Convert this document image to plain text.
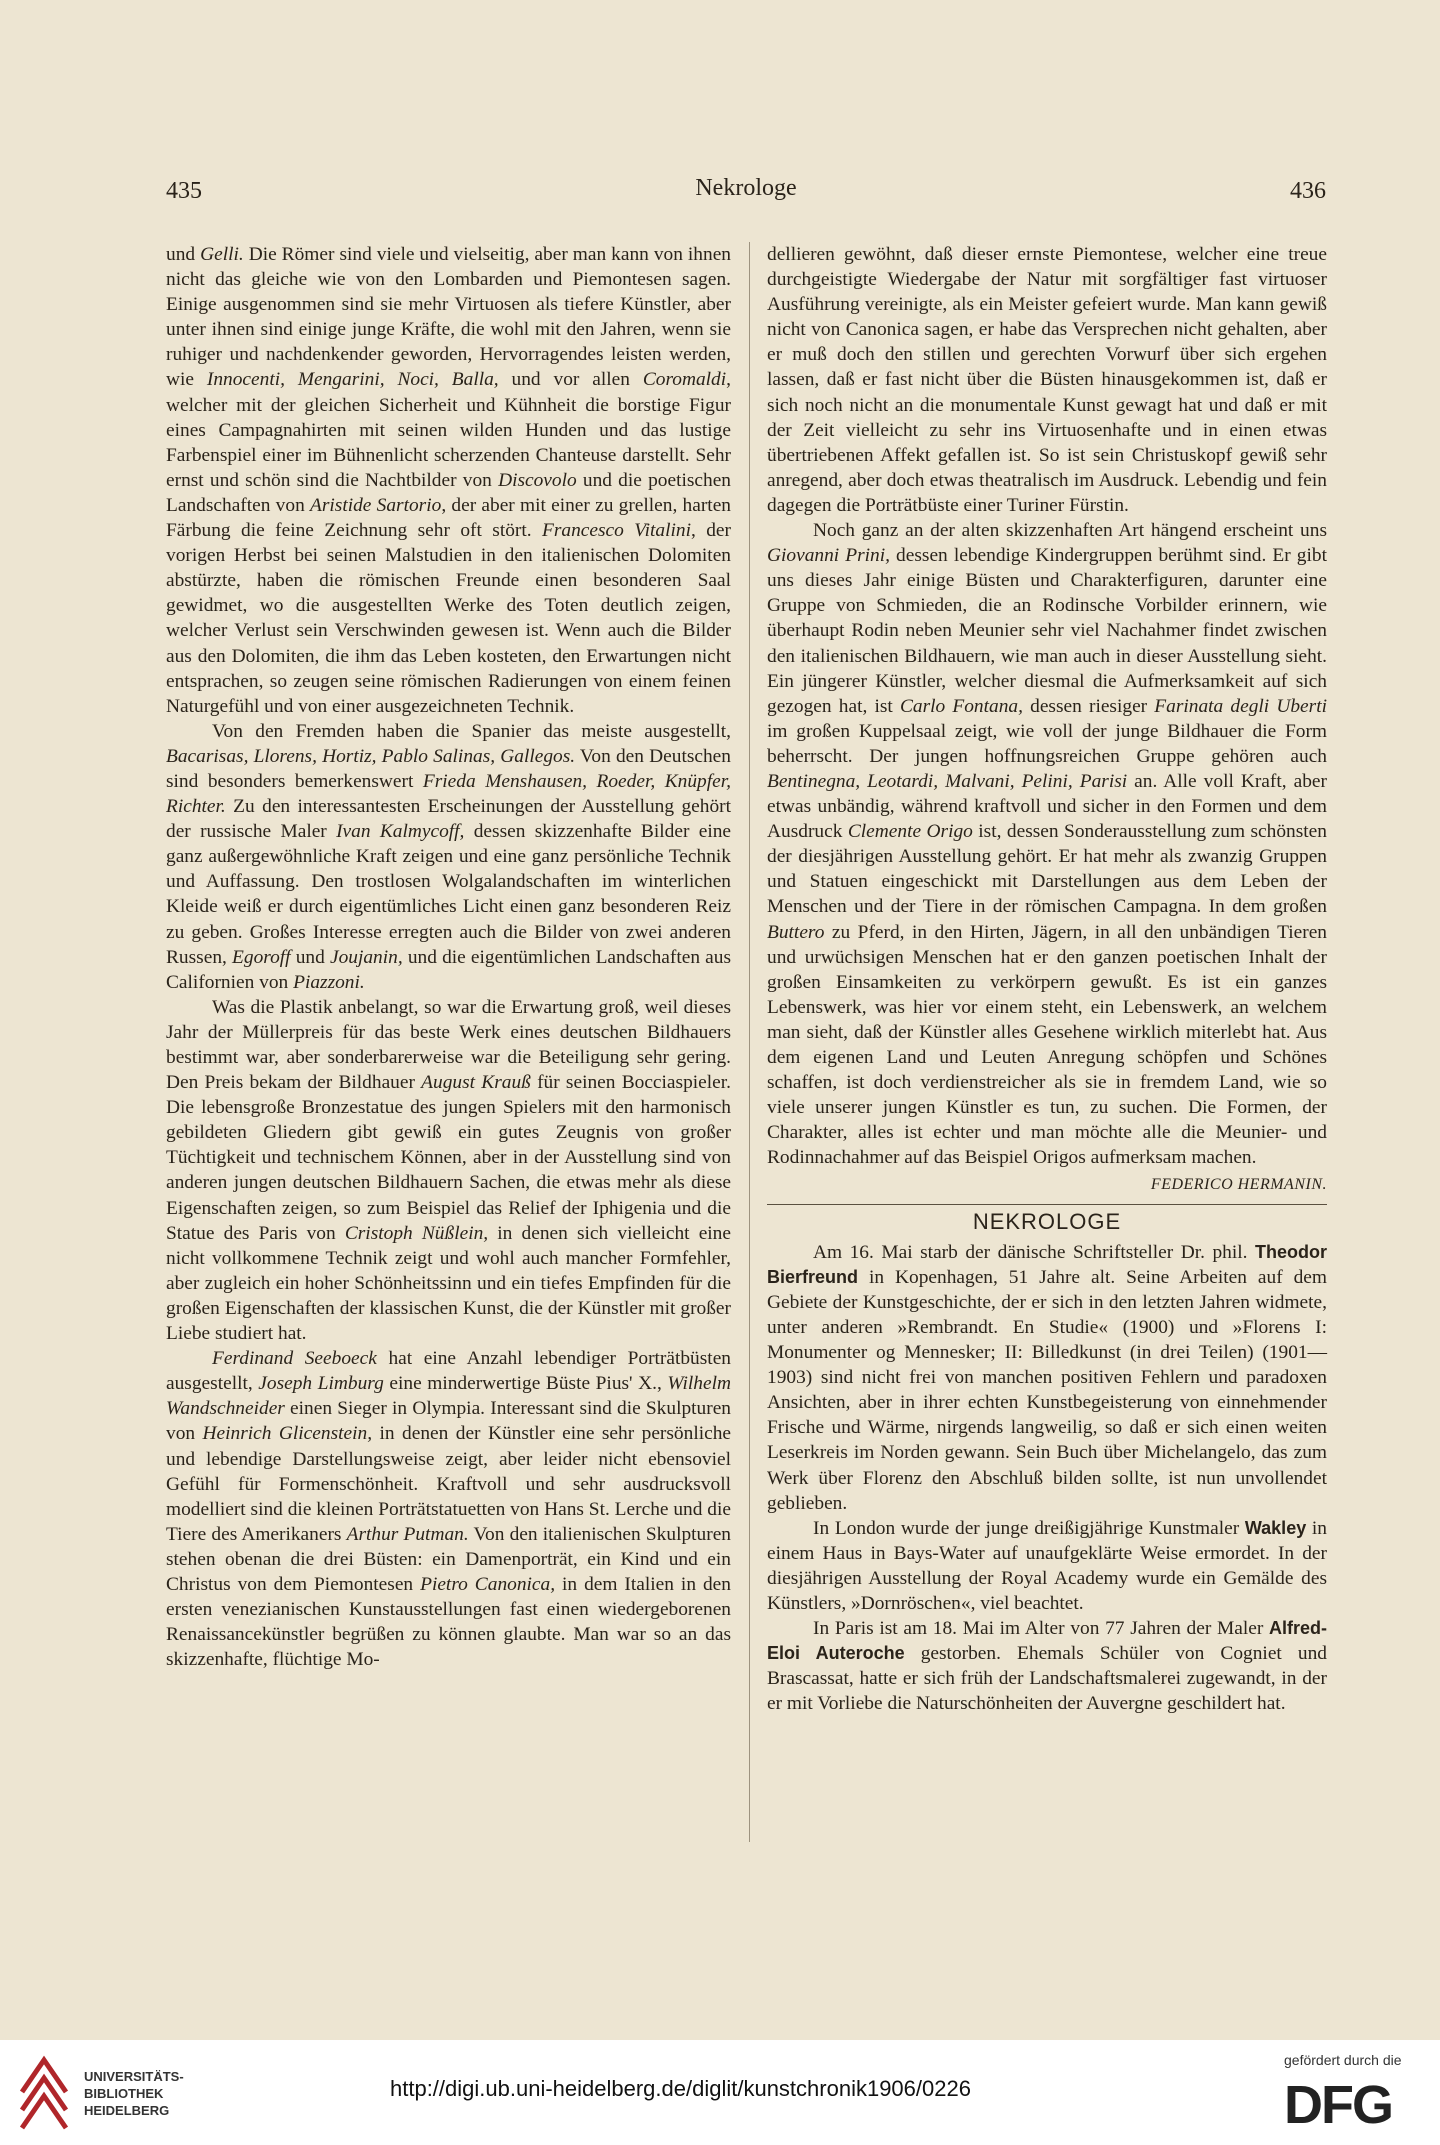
435	Nekrologe	436

und Gelli. Die Römer sind viele und vielseitig, aber man kann von ihnen nicht das gleiche wie von den Lombarden und Piemontesen sagen. Einige ausgenommen sind sie mehr Virtuosen als tiefere Künstler, aber unter ihnen sind einige junge Kräfte, die wohl mit den Jahren, wenn sie ruhiger und nachdenkender geworden, Hervorragendes leisten werden, wie Innocenti, Mengarini, Noci, Balla, und vor allen Coromaldi, welcher mit der gleichen Sicherheit und Kühnheit die borstige Figur eines Campagnahirten mit seinen wilden Hunden und das lustige Farbenspiel einer im Bühnenlicht scherzenden Chanteuse darstellt. Sehr ernst und schön sind die Nachtbilder von Discovolo und die poetischen Landschaften von Aristide Sartorio, der aber mit einer zu grellen, harten Färbung die feine Zeichnung sehr oft stört. Francesco Vitalini, der vorigen Herbst bei seinen Malstudien in den italienischen Dolomiten abstürzte, haben die römischen Freunde einen besonderen Saal gewidmet, wo die ausgestellten Werke des Toten deutlich zeigen, welcher Verlust sein Verschwinden gewesen ist. Wenn auch die Bilder aus den Dolomiten, die ihm das Leben kosteten, den Erwartungen nicht entsprachen, so zeugen seine römischen Radierungen von einem feinen Naturgefühl und von einer ausgezeichneten Technik.

Von den Fremden haben die Spanier das meiste ausgestellt, Bacarisas, Llorens, Hortiz, Pablo Salinas, Gallegos. Von den Deutschen sind besonders bemerkenswert Frieda Menshausen, Roeder, Knüpfer, Richter. Zu den interessantesten Erscheinungen der Ausstellung gehört der russische Maler Ivan Kalmycoff, dessen skizzenhafte Bilder eine ganz außergewöhnliche Kraft zeigen und eine ganz persönliche Technik und Auffassung. Den trostlosen Wolgalandschaften im winterlichen Kleide weiß er durch eigentümliches Licht einen ganz besonderen Reiz zu geben. Großes Interesse erregten auch die Bilder von zwei anderen Russen, Egoroff und Joujanin, und die eigentümlichen Landschaften aus Californien von Piazzoni.

Was die Plastik anbelangt, so war die Erwartung groß, weil dieses Jahr der Müllerpreis für das beste Werk eines deutschen Bildhauers bestimmt war, aber sonderbarerweise war die Beteiligung sehr gering. Den Preis bekam der Bildhauer August Krauß für seinen Bocciaspieler. Die lebensgroße Bronzestatue des jungen Spielers mit den harmonisch gebildeten Gliedern gibt gewiß ein gutes Zeugnis von großer Tüchtigkeit und technischem Können, aber in der Ausstellung sind von anderen jungen deutschen Bildhauern Sachen, die etwas mehr als diese Eigenschaften zeigen, so zum Beispiel das Relief der Iphigenia und die Statue des Paris von Cristoph Nüßlein, in denen sich vielleicht eine nicht vollkommene Technik zeigt und wohl auch mancher Formfehler, aber zugleich ein hoher Schönheitssinn und ein tiefes Empfinden für die großen Eigenschaften der klassischen Kunst, die der Künstler mit großer Liebe studiert hat.

Ferdinand Seeboeck hat eine Anzahl lebendiger Porträtbüsten ausgestellt, Joseph Limburg eine minderwertige Büste Pius' X., Wilhelm Wandschneider einen Sieger in Olympia. Interessant sind die Skulpturen von Heinrich Glicenstein, in denen der Künstler eine sehr persönliche und lebendige Darstellungsweise zeigt, aber leider nicht ebensoviel Gefühl für Formenschönheit. Kraftvoll und sehr ausdrucksvoll modelliert sind die kleinen Porträtstatuetten von Hans St. Lerche und die Tiere des Amerikaners Arthur Putman. Von den italienischen Skulpturen stehen obenan die drei Büsten: ein Damenporträt, ein Kind und ein Christus von dem Piemontesen Pietro Canonica, in dem Italien in den ersten venezianischen Kunstausstellungen fast einen wiedergeborenen Renaissancekünstler begrüßen zu können glaubte. Man war so an das skizzenhafte, flüchtige Mo-

dellieren gewöhnt, daß dieser ernste Piemontese, welcher eine treue durchgeistigte Wiedergabe der Natur mit sorgfältiger fast virtuoser Ausführung vereinigte, als ein Meister gefeiert wurde. Man kann gewiß nicht von Canonica sagen, er habe das Versprechen nicht gehalten, aber er muß doch den stillen und gerechten Vorwurf über sich ergehen lassen, daß er fast nicht über die Büsten hinausgekommen ist, daß er sich noch nicht an die monumentale Kunst gewagt hat und daß er mit der Zeit vielleicht zu sehr ins Virtuosenhafte und in einen etwas übertriebenen Affekt gefallen ist. So ist sein Christuskopf gewiß sehr anregend, aber doch etwas theatralisch im Ausdruck. Lebendig und fein dagegen die Porträtbüste einer Turiner Fürstin.

Noch ganz an der alten skizzenhaften Art hängend erscheint uns Giovanni Prini, dessen lebendige Kindergruppen berühmt sind. Er gibt uns dieses Jahr einige Büsten und Charakterfiguren, darunter eine Gruppe von Schmieden, die an Rodinsche Vorbilder erinnern, wie überhaupt Rodin neben Meunier sehr viel Nachahmer findet zwischen den italienischen Bildhauern, wie man auch in dieser Ausstellung sieht. Ein jüngerer Künstler, welcher diesmal die Aufmerksamkeit auf sich gezogen hat, ist Carlo Fontana, dessen riesiger Farinata degli Uberti im großen Kuppelsaal zeigt, wie voll der junge Bildhauer die Form beherrscht. Der jungen hoffnungsreichen Gruppe gehören auch Bentinegna, Leotardi, Malvani, Pelini, Parisi an. Alle voll Kraft, aber etwas unbändig, während kraftvoll und sicher in den Formen und dem Ausdruck Clemente Origo ist, dessen Sonderausstellung zum schönsten der diesjährigen Ausstellung gehört. Er hat mehr als zwanzig Gruppen und Statuen eingeschickt mit Darstellungen aus dem Leben der Menschen und der Tiere in der römischen Campagna. In dem großen Buttero zu Pferd, in den Hirten, Jägern, in all den unbändigen Tieren und urwüchsigen Menschen hat er den ganzen poetischen Inhalt der großen Einsamkeiten zu verkörpern gewußt. Es ist ein ganzes Lebenswerk, was hier vor einem steht, ein Lebenswerk, an welchem man sieht, daß der Künstler alles Gesehene wirklich miterlebt hat. Aus dem eigenen Land und Leuten Anregung schöpfen und Schönes schaffen, ist doch verdienstreicher als sie in fremdem Land, wie so viele unserer jungen Künstler es tun, zu suchen. Die Formen, der Charakter, alles ist echter und man möchte alle die Meunier- und Rodinnachahmer auf das Beispiel Origos aufmerksam machen.

FEDERICO HERMANIN.
NEKROLOGE

Am 16. Mai starb der dänische Schriftsteller Dr. phil. Theodor Bierfreund in Kopenhagen, 51 Jahre alt. Seine Arbeiten auf dem Gebiete der Kunstgeschichte, der er sich in den letzten Jahren widmete, unter anderen »Rembrandt. En Studie« (1900) und »Florens I: Monumenter og Mennesker; II: Billedkunst (in drei Teilen) (1901—1903) sind nicht frei von manchen positiven Fehlern und paradoxen Ansichten, aber in ihrer echten Kunstbegeisterung von einnehmender Frische und Wärme, nirgends langweilig, so daß er sich einen weiten Leserkreis im Norden gewann. Sein Buch über Michelangelo, das zum Werk über Florenz den Abschluß bilden sollte, ist nun unvollendet geblieben.

In London wurde der junge dreißigjährige Kunstmaler Wakley in einem Haus in Bays-Water auf unaufgeklärte Weise ermordet. In der diesjährigen Ausstellung der Royal Academy wurde ein Gemälde des Künstlers, »Dornröschen«, viel beachtet.

In Paris ist am 18. Mai im Alter von 77 Jahren der Maler Alfred-Eloi Auteroche gestorben. Ehemals Schüler von Cogniet und Brascassat, hatte er sich früh der Landschaftsmalerei zugewandt, in der er mit Vorliebe die Naturschönheiten der Auvergne geschildert hat.

UNIVERSITÄTS-
BIBLIOTHEK
HEIDELBERG
http://digi.ub.uni-heidelberg.de/diglit/kunstchronik1906/0226
gefördert durch die
DFG
